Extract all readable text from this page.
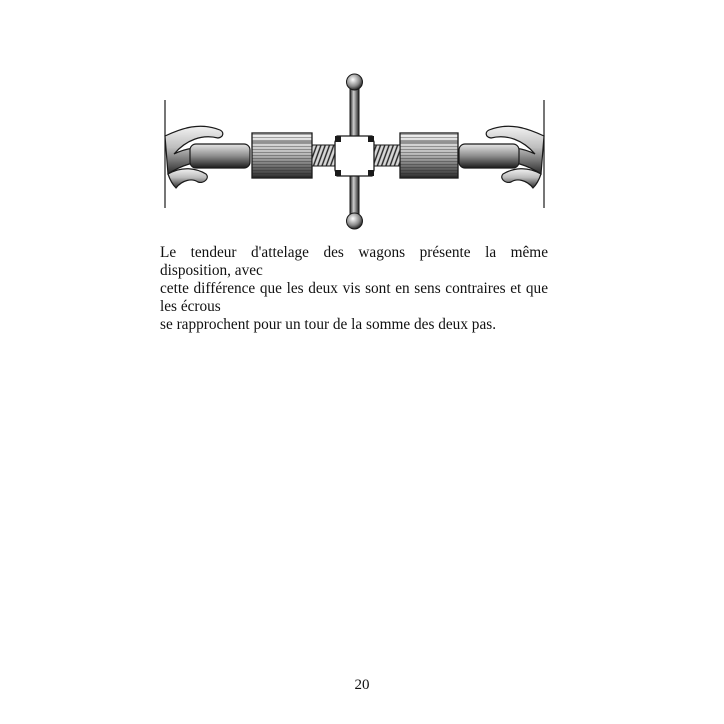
Le tendeur d'attelage des wagons présente la même disposition, avec

cette différence que les deux vis sont en sens contraires et que les écrous

se rapprochent pour un tour de la somme des deux pas.

20
